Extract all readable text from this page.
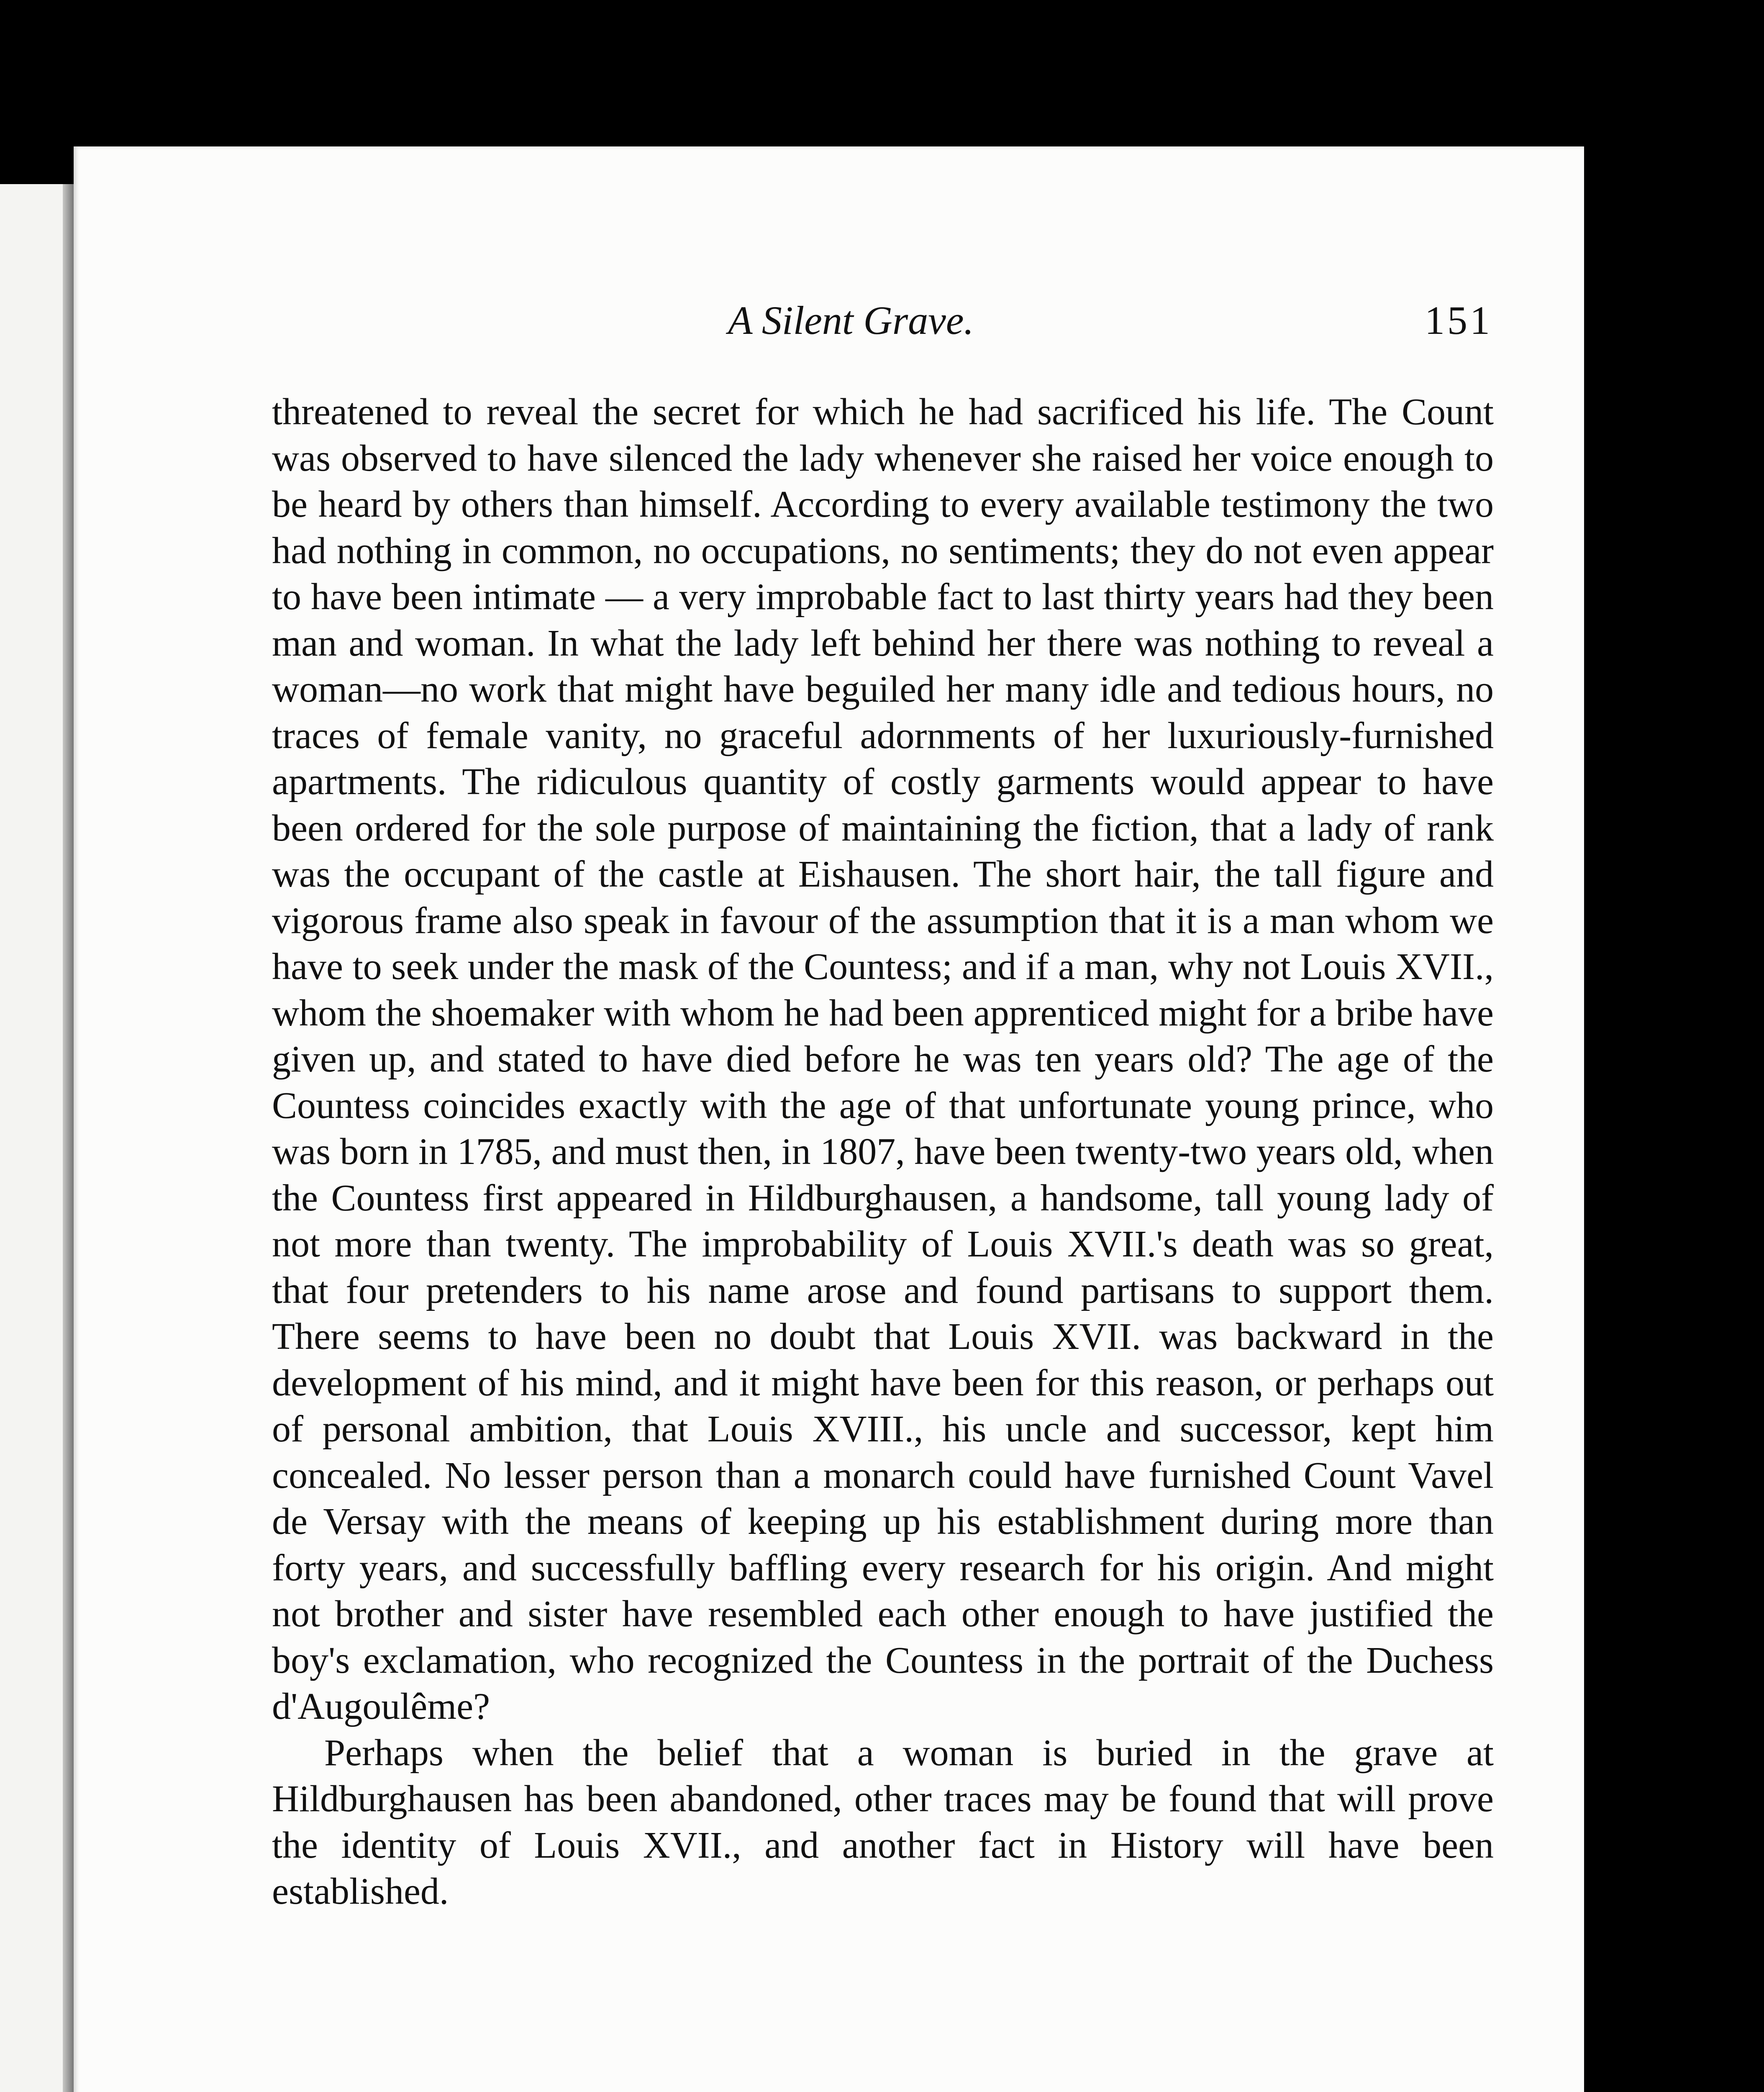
A Silent Grave.	151

threatened to reveal the secret for which he had sacrificed his life. The Count was observed to have silenced the lady whenever she raised her voice enough to be heard by others than himself. According to every available testimony the two had nothing in common, no occupations, no sentiments; they do not even appear to have been intimate — a very improbable fact to last thirty years had they been man and woman. In what the lady left behind her there was nothing to reveal a woman—no work that might have beguiled her many idle and tedious hours, no traces of female vanity, no graceful adornments of her luxuriously-furnished apartments. The ridiculous quantity of costly garments would appear to have been ordered for the sole purpose of maintaining the fiction, that a lady of rank was the occupant of the castle at Eishausen. The short hair, the tall figure and vigorous frame also speak in favour of the assumption that it is a man whom we have to seek under the mask of the Countess; and if a man, why not Louis XVII., whom the shoemaker with whom he had been apprenticed might for a bribe have given up, and stated to have died before he was ten years old? The age of the Countess coincides exactly with the age of that unfortunate young prince, who was born in 1785, and must then, in 1807, have been twenty-two years old, when the Countess first appeared in Hildburghausen, a handsome, tall young lady of not more than twenty. The improbability of Louis XVII.'s death was so great, that four pretenders to his name arose and found partisans to support them. There seems to have been no doubt that Louis XVII. was backward in the development of his mind, and it might have been for this reason, or perhaps out of personal ambition, that Louis XVIII., his uncle and successor, kept him concealed. No lesser person than a monarch could have furnished Count Vavel de Versay with the means of keeping up his establishment during more than forty years, and successfully baffling every research for his origin. And might not brother and sister have resembled each other enough to have justified the boy's exclamation, who recognized the Countess in the portrait of the Duchess d'Augoulême?

Perhaps when the belief that a woman is buried in the grave at Hildburghausen has been abandoned, other traces may be found that will prove the identity of Louis XVII., and another fact in History will have been established.
